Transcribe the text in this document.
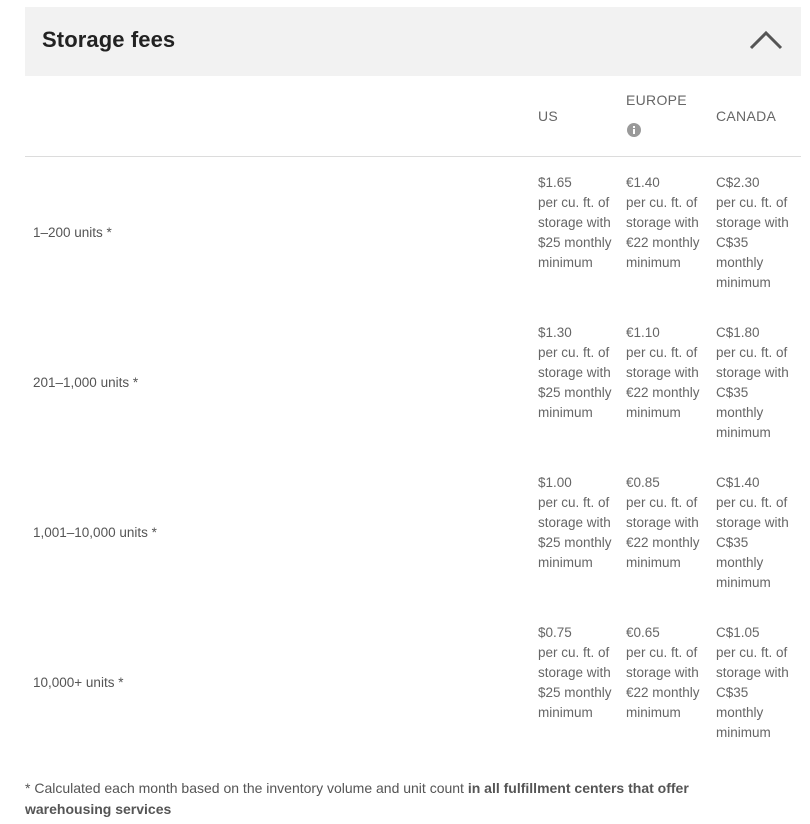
Storage fees
US
EUROPE
CANADA
1–200 units *
$1.65
per cu. ft. of storage with $25 monthly minimum
€1.40
per cu. ft. of storage with €22 monthly minimum
C$2.30
per cu. ft. of storage with C$35 monthly minimum
201–1,000 units *
$1.30
per cu. ft. of storage with $25 monthly minimum
€1.10
per cu. ft. of storage with €22 monthly minimum
C$1.80
per cu. ft. of storage with C$35 monthly minimum
1,001–10,000 units *
$1.00
per cu. ft. of storage with $25 monthly minimum
€0.85
per cu. ft. of storage with €22 monthly minimum
C$1.40
per cu. ft. of storage with C$35 monthly minimum
10,000+ units *
$0.75
per cu. ft. of storage with $25 monthly minimum
€0.65
per cu. ft. of storage with €22 monthly minimum
C$1.05
per cu. ft. of storage with C$35 monthly minimum
* Calculated each month based on the inventory volume and unit count in all fulfillment centers that offer warehousing services
